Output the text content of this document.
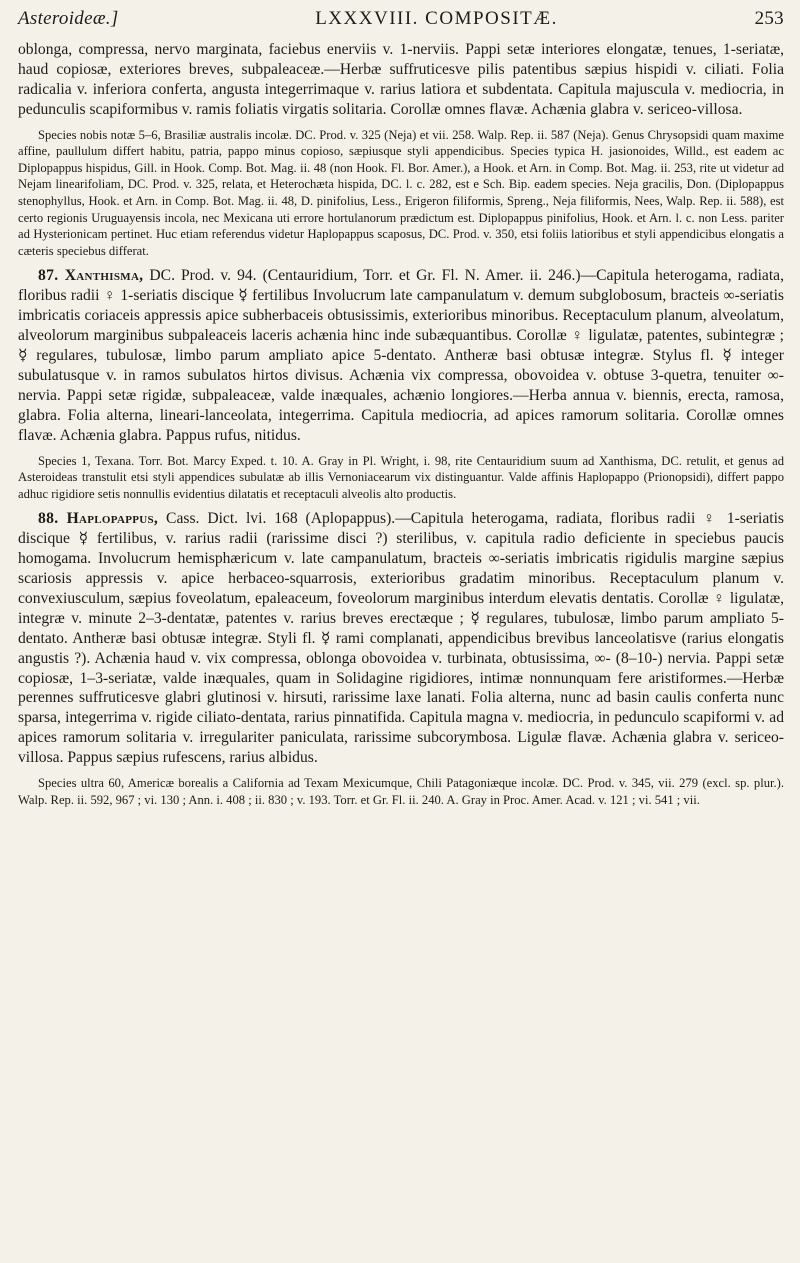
Asteroideæ.]	LXXXVIII. COMPOSITÆ.	253

oblonga, compressa, nervo marginata, faciebus enerviis v. 1-nerviis. Pappi setæ interiores elongatæ, tenues, 1-seriatæ, haud copiosæ, exteriores breves, subpaleaceæ.—Herbæ suffruticesve pilis patentibus sæpius hispidi v. ciliati. Folia radicalia v. inferiora conferta, angusta integerrimaque v. rarius latiora et subdentata. Capitula majuscula v. mediocria, in pedunculis scapiformibus v. ramis foliatis virgatis solitaria. Corollæ omnes flavæ. Achænia glabra v. sericeo-villosa.

Species nobis notæ 5–6, Brasiliæ australis incolæ. DC. Prod. v. 325 (Neja) et vii. 258. Walp. Rep. ii. 587 (Neja). Genus Chrysopsidi quam maxime affine, paullulum differt habitu, patria, pappo minus copioso, sæpiusque styli appendicibus. Species typica H. jasionoides, Willd., est eadem ac Diplopappus hispidus, Gill. in Hook. Comp. Bot. Mag. ii. 48 (non Hook. Fl. Bor. Amer.), a Hook. et Arn. in Comp. Bot. Mag. ii. 253, rite ut videtur ad Nejam linearifoliam, DC. Prod. v. 325, relata, et Heterochæta hispida, DC. l. c. 282, est e Sch. Bip. eadem species. Neja gracilis, Don. (Diplopappus stenophyllus, Hook. et Arn. in Comp. Bot. Mag. ii. 48, D. pinifolius, Less., Erigeron filiformis, Spreng., Neja filiformis, Nees, Walp. Rep. ii. 588), est certo regionis Uruguayensis incola, nec Mexicana uti errore hortulanorum prædictum est. Diplopappus pinifolius, Hook. et Arn. l. c. non Less. pariter ad Hysterionicam pertinet. Huc etiam referendus videtur Haplopappus scaposus, DC. Prod. v. 350, etsi foliis latioribus et styli appendicibus elongatis a cæteris speciebus differat.

87. Xanthisma, DC. Prod. v. 94. (Centauridium, Torr. et Gr. Fl. N. Amer. ii. 246.)—Capitula heterogama, radiata, floribus radii ♀ 1-seriatis discique ☿ fertilibus Involucrum late campanulatum v. demum subglobosum, bracteis ∞-seriatis imbricatis coriaceis appressis apice subherbaceis obtusissimis, exterioribus minoribus. Receptaculum planum, alveolatum, alveolorum marginibus subpaleaceis laceris achænia hinc inde subæquantibus. Corollæ ♀ ligulatæ, patentes, subintegræ ; ☿ regulares, tubulosæ, limbo parum ampliato apice 5-dentato. Antheræ basi obtusæ integræ. Stylus fl. ☿ integer subulatusque v. in ramos subulatos hirtos divisus. Achænia vix compressa, obovoidea v. obtuse 3-quetra, tenuiter ∞-nervia. Pappi setæ rigidæ, subpaleaceæ, valde inæquales, achænio longiores.—Herba annua v. biennis, erecta, ramosa, glabra. Folia alterna, lineari-lanceolata, integerrima. Capitula mediocria, ad apices ramorum solitaria. Corollæ omnes flavæ. Achænia glabra. Pappus rufus, nitidus.

Species 1, Texana. Torr. Bot. Marcy Exped. t. 10. A. Gray in Pl. Wright, i. 98, rite Centauridium suum ad Xanthisma, DC. retulit, et genus ad Asteroideas transtulit etsi styli appendices subulatæ ab illis Vernoniacearum vix distinguantur. Valde affinis Haplopappo (Prionopsidi), differt pappo adhuc rigidiore setis nonnullis evidentius dilatatis et receptaculi alveolis alto productis.

88. Haplopappus, Cass. Dict. lvi. 168 (Aplopappus).—Capitula heterogama, radiata, floribus radii ♀ 1-seriatis disciquе ☿ fertilibus, v. rarius radii (rarissime disci ?) sterilibus, v. capitula radio deficiente in speciebus paucis homogama. Involucrum hemisphæricum v. late campanulatum, bracteis ∞-seriatis imbricatis rigidulis margine sæpius scariosis appressis v. apice herbaceo-squarrosis, exterioribus gradatim minoribus. Receptaculum planum v. convexiusculum, sæpius foveolatum, epaleaceum, foveolorum marginibus interdum elevatis dentatis. Corollæ ♀ ligulatæ, integræ v. minute 2–3-dentatæ, patentes v. rarius breves erectæque ; ☿ regulares, tubulosæ, limbo parum ampliato 5-dentato. Antheræ basi obtusæ integræ. Styli fl. ☿ rami complanati, appendicibus brevibus lanceolatisve (rarius elongatis angustis ?). Achænia haud v. vix compressa, oblonga obovoidea v. turbinata, obtusissima, ∞- (8–10-) nervia. Pappi setæ copiosæ, 1–3-seriatæ, valde inæquales, quam in Solidagine rigidiores, intimæ nonnunquam fere aristiformes.—Herbæ perennes suffruticesve glabri glutinosi v. hirsuti, rarissime laxe lanati. Folia alterna, nunc ad basin caulis conferta nunc sparsa, integerrima v. rigide ciliato-dentata, rarius pinnatifida. Capitula magna v. mediocria, in pedunculo scapiformi v. ad apices ramorum solitaria v. irregulariter paniculata, rarissime subcorymbosa. Ligulæ flavæ. Achænia glabra v. sericeo-villosa. Pappus sæpius rufescens, rarius albidus.

Species ultra 60, Americæ borealis a California ad Texam Mexicumque, Chili Patagoniæque incolæ. DC. Prod. v. 345, vii. 279 (excl. sp. plur.). Walp. Rep. ii. 592, 967 ; vi. 130 ; Ann. i. 408 ; ii. 830 ; v. 193. Torr. et Gr. Fl. ii. 240. A. Gray in Proc. Amer. Acad. v. 121 ; vi. 541 ; vii.
